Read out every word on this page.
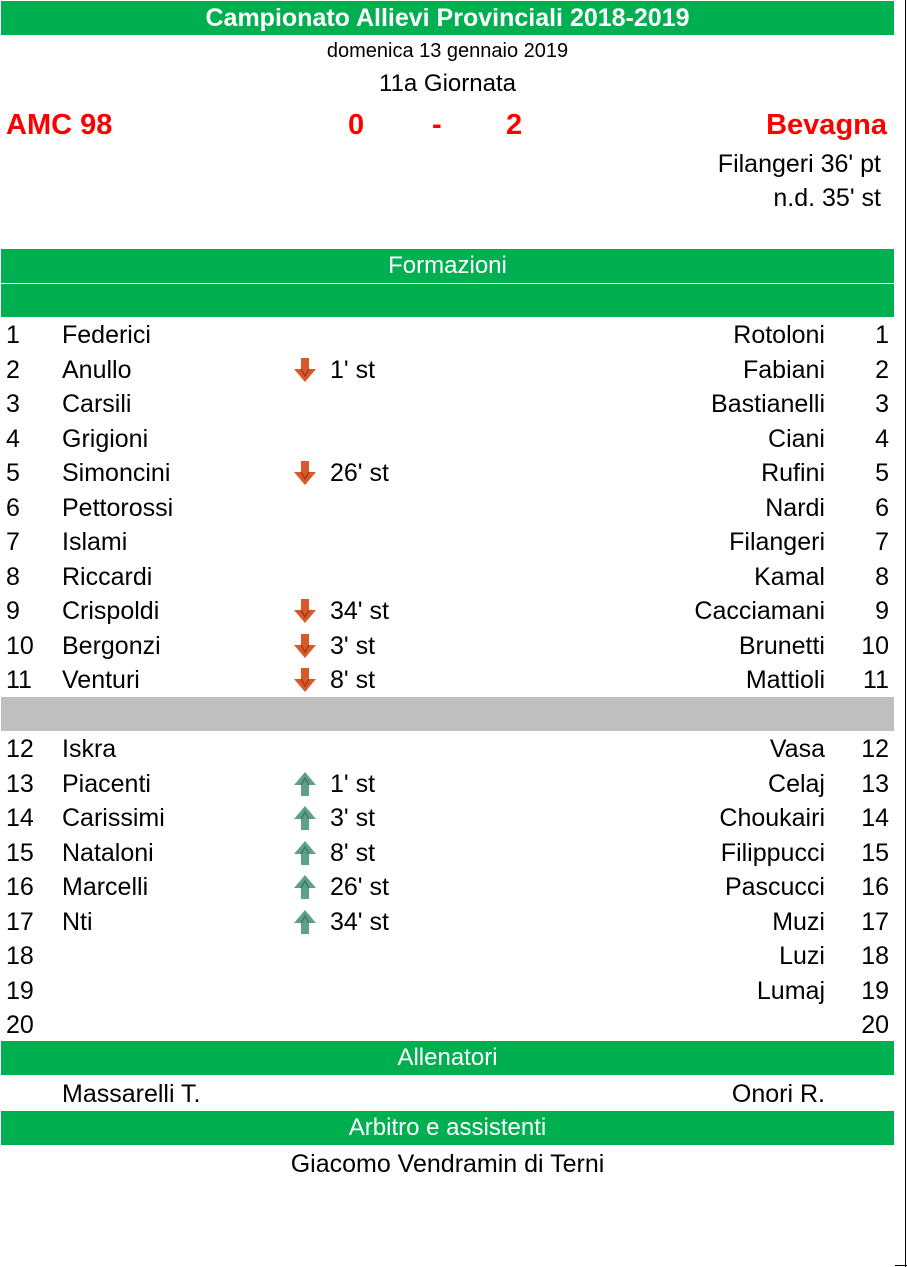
Campionato Allievi Provinciali 2018-2019
domenica 13 gennaio 2019
11a Giornata
AMC 98	0 - 2	Bevagna
Filangeri 36' pt
n.d. 35' st
Formazioni
1 Federici	Rotoloni 1
2 Anullo	1' st	Fabiani 2
3 Carsili	Bastianelli 3
4 Grigioni	Ciani 4
5 Simoncini	26' st	Rufini 5
6 Pettorossi	Nardi 6
7 Islami	Filangeri 7
8 Riccardi	Kamal 8
9 Crispoldi	34' st	Cacciamani 9
10 Bergonzi	3' st	Brunetti 10
11 Venturi	8' st	Mattioli 11
12 Iskra	Vasa 12
13 Piacenti	1' st	Celaj 13
14 Carissimi	3' st	Choukairi 14
15 Nataloni	8' st	Filippucci 15
16 Marcelli	26' st	Pascucci 16
17 Nti	34' st	Muzi 17
18	Luzi 18
19	Lumaj 19
20	20
Allenatori
Massarelli T.	Onori R.
Arbitro e assistenti
Giacomo Vendramin di Terni
